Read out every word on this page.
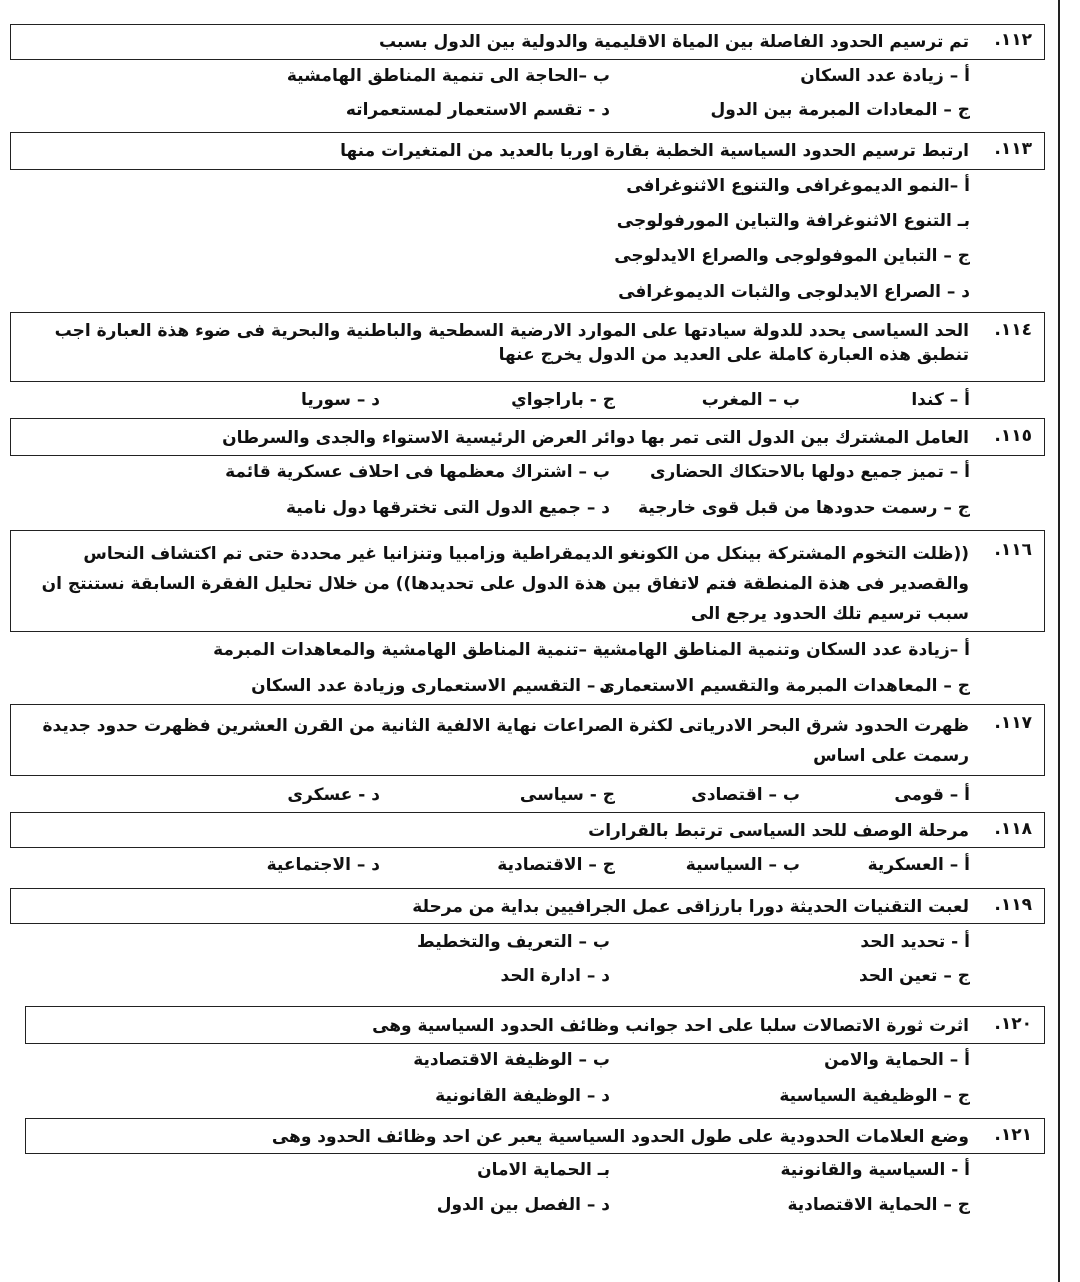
١١٢.
تم ترسيم الحدود الفاصلة بين المياة الاقليمية والدولية بين الدول بسبب
أ – زيادة عدد السكان
ب –الحاجة الى تنمية المناطق الهامشية
ج – المعادات المبرمة بين الدول
د - تقسم الاستعمار لمستعمراته
١١٣.
ارتبط ترسيم الحدود السياسية الخطبة بقارة اوربا بالعديد من المتغيرات منها
أ –النمو الديموغرافى والتنوع الاثنوغرافى
بـ التنوع الاثنوغرافة والتباين المورفولوجى
ج – التباين الموفولوجى والصراع الايدلوجى
د – الصراع الايدلوجى والثبات الديموغرافى
١١٤.
الحد السياسى يحدد للدولة سيادتها على الموارد الارضية السطحية والباطنية والبحرية فى ضوء هذة العبارة اجب تنطبق هذه العبارة كاملة على العديد من الدول يخرج عنها
أ – كندا
ب – المغرب
ج - باراجواي
د – سوريا
١١٥.
العامل المشترك بين الدول التى تمر بها دوائر العرض الرئيسية الاستواء والجدى والسرطان
أ – تميز جميع دولها بالاحتكاك الحضارى
ب – اشتراك معظمها فى احلاف عسكرية قائمة
ج – رسمت حدودها من قبل قوى خارجية
د – جميع الدول التى تخترقها دول نامية
١١٦.
((ظلت التخوم المشتركة بينكل من الكونغو الديمقراطية وزامبيا وتنزانيا غير محددة حتى تم اكتشاف النحاس والقصدير فى هذة المنطقة فتم لاتفاق بين هذة الدول على تحديدها)) من خلال تحليل الفقرة السابقة نستنتج ان سبب ترسيم تلك الحدود يرجع الى
أ –زيادة عدد السكان وتنمية المناطق الهامشية
ب –تنمية المناطق الهامشية والمعاهدات المبرمة
ج – المعاهدات المبرمة والتقسيم الاستعمارى
د – التقسيم الاستعمارى وزيادة عدد السكان
١١٧.
ظهرت الحدود شرق البحر الادرياتى لكثرة الصراعات نهاية الالفية الثانية من القرن العشرين فظهرت حدود جديدة رسمت على اساس
أ – قومى
ب – اقتصادى
ج - سياسى
د - عسكرى
١١٨.
مرحلة الوصف للحد السياسى ترتبط بالقرارات
أ – العسكرية
ب – السياسية
ج – الاقتصادية
د – الاجتماعية
١١٩.
لعبت التقنيات الحديثة دورا بارزاقى عمل الجرافيين بداية من مرحلة
أ - تحديد الحد
ب – التعريف والتخطيط
ج – تعين الحد
د – ادارة الحد
١٢٠.
اثرت ثورة الاتصالات سلبا على احد جوانب وظائف الحدود السياسية وهى
أ – الحماية والامن
ب – الوظيفة الاقتصادية
ج – الوظيفية السياسية
د – الوظيفة القانونية
١٢١.
وضع العلامات الحدودية على طول الحدود السياسية يعبر عن احد وظائف الحدود وهى
أ - السياسية والقانونية
بـ الحماية الامان
ج – الحماية الاقتصادية
د – الفصل بين الدول
